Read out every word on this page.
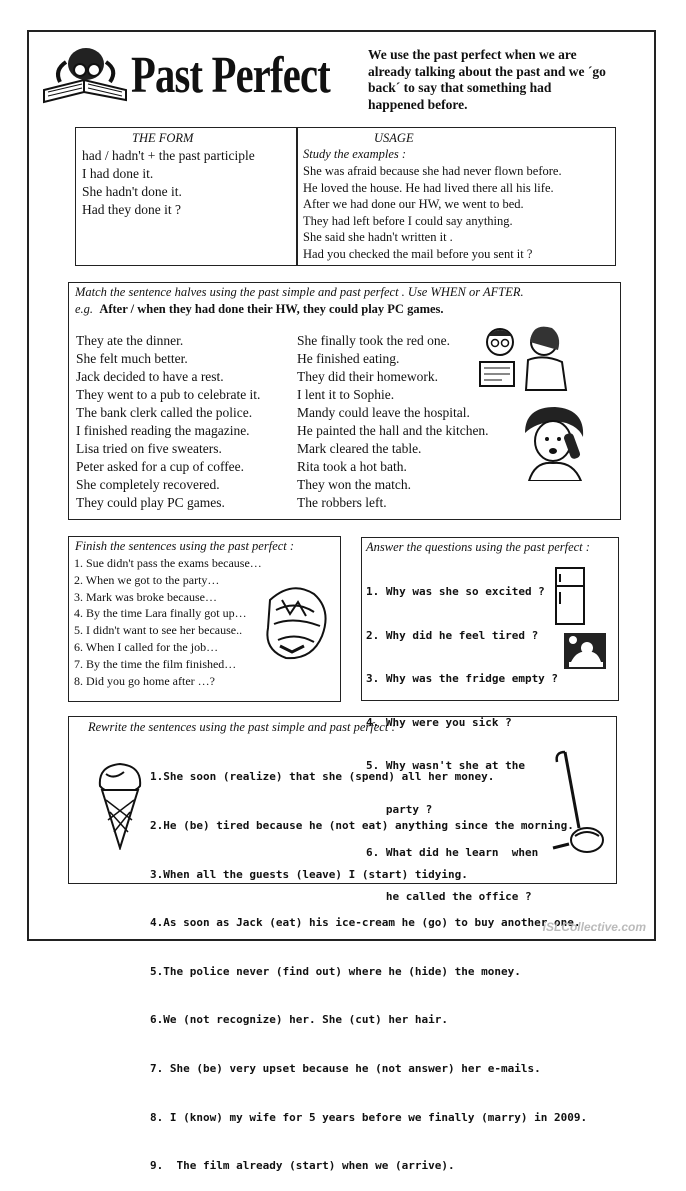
Past Perfect	We use the past perfect when we are already talking about the past and we ´go back´ to say that something had happened before.
THE FORM
had / hadn't + the past participle
I had done it.
She hadn't done it.
Had they done it ?
USAGE
Study the examples :
She was afraid because she had never flown before.
He loved the house. He had lived there all his life.
After we had done our HW, we went to bed.
They had left before I could say anything.
She said she hadn't written it .
Had you checked the mail before you sent it ?
Match the sentence halves using the past simple and past perfect . Use WHEN or AFTER.
e.g. After / when they had done their HW, they could play PC games.
They ate the dinner.
She felt much better.
Jack decided to have a rest.
They went to a pub to celebrate it.
The bank clerk called the police.
I finished reading the magazine.
Lisa tried on five sweaters.
Peter asked for a cup of coffee.
She completely recovered.
They could play PC games.
She finally took the red one.
He finished eating.
They did their homework.
I lent it to Sophie.
Mandy could leave the hospital.
He painted the hall and the kitchen.
Mark cleared the table.
Rita took a hot bath.
They won the match.
The robbers left.
Finish the sentences using the past perfect :
1. Sue didn't pass the exams because…
2. When we got to the party…
3. Mark was broke because…
4. By the time Lara finally got up…
5. I didn't want to see her because..
6. When I called for the job…
7. By the time the film finished…
8. Did you go home after …?
Answer the questions using the past perfect :

1. Why was she so excited ?

2. Why did he feel tired ?

3. Why was the fridge empty ?

4. Why were you sick ?

5. Why wasn't she at the

party ?

6. What did he learn  when

he called the office ?

Rewrite the sentences using the past simple and past perfect :

1.She soon (realize) that she (spend) all her money.

2.He (be) tired because he (not eat) anything since the morning.

3.When all the guests (leave) I (start) tidying.

4.As soon as Jack (eat) his ice-cream he (go) to buy another one.

5.The police never (find out) where he (hide) the money.

6.We (not recognize) her. She (cut) her hair.

7. She (be) very upset because he (not answer) her e-mails.

8. I (know) my wife for 5 years before we finally (marry) in 2009.

9.  The film already (start) when we (arrive).

iSLCollective.com
